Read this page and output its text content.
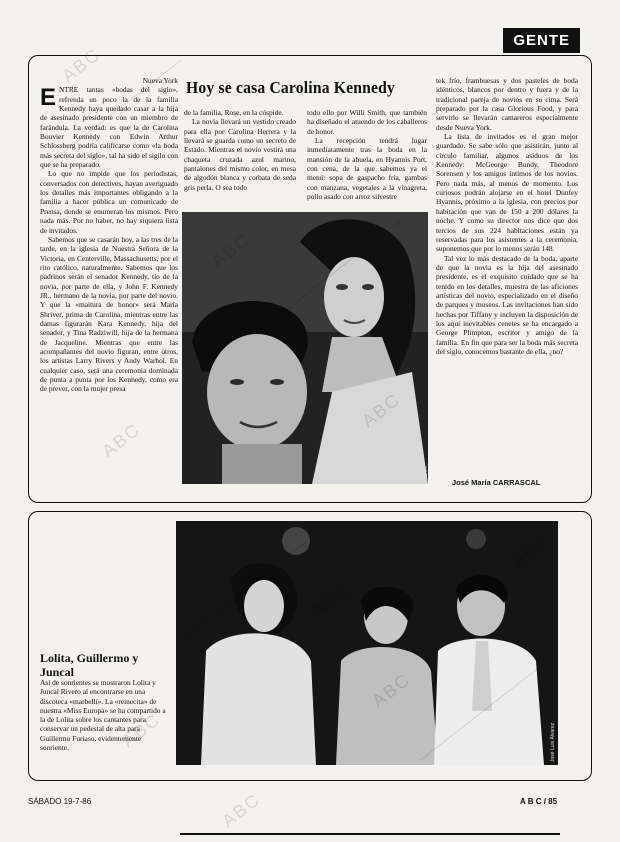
GENTE
Hoy se casa Carolina Kennedy

Nueva York

E NTRE tantas «bodas del siglo», refrenda un poco la de la familia Kennedy haya quedado casar a la hija de asesinado presidente con un miembro de farándula. La verdad: es que la de Carolina Bouvier Kennedy con Edwin Arthur Schlossberg podría calificarse como «la boda más secreta del siglo», tal ha sido el sigilo con que se ha preparado.

Lo que no impide que los periodistas, conversados con detectives, hayan averiguado los detalles más importantes obligando a la familia a hacer pública un comunicado de Prensa, donde se enumeran los mismos. Pero nada más. Por no haber, no hay siquiera lista de invitados.

Sabemos que se casarán hoy, a las tres de la tarde, en la iglesia de Nuestra Señora de la Victoria, en Centerville, Massachusetts, por el rito católico, naturalmente. Sabemos que los padrinos serán el senador Kennedy, tío de la novia, por parte de ella, y John F. Kennedy JR., hermano de la novia, por parte del novio. Y que la «maitura de honor» será María Shriver, prima de Carolina, mientras entre las damas figurarán Kara Kennedy, hija del senador, y Tina Radziwill, hija de la hermana de Jacqueline. Mientras que entre las acompañantes del novio figuran, entre otros, los artistas Larry Rivers y Andy Warhol. En cualquier caso, será una ceremonia dominada de punta a punta por los Kennedy, como era de prever, con la mujer presa

de la familia, Rose, en la cúspide.

La novia llevará un vestido creado para ella por Carolina Herrera y la llevará se guarda como un secreto de Estado. Mientras el novio vestirá una chaqueta cruzada azul marino, pantalones del mismo color, en mesa de algodón blanca y corbata de seda gris perla. O sea todo

todo ello por Willi Smith, que también ha diseñado el atuendo de los caballeros de honor.

La recepción tendrá lugar inmediatamente tras la boda en la mansión de la abuela, en Hyannis Port, con cena, de la que sabemos ya el menú: sopa de gaspacho fría, gambas con manzana, vegetales a la vinagreta, pollo asado con arroz silvestre

tek frío, frambuesas y dos pasteles de boda idénticos, blancos por dentro y fuera y de la tradicional pareja de novios en su cima. Será preparado por la casa Glorious Food, y para servirlo se llevarán camareros especialmente desde Nueva York.

La lista de invitados es el gran mejor guardado. Se sabe sólo que asistirán, junto al círculo familiar, algunos asiduos de los Kennedy: McGeorge Bundy, Theodore Sorensen y los amigos íntimos de los novios. Pero nada más, al menos de momento. Los curiosos podrán alojarse en el hotel Dunfey Hyannis, próximo a la iglesia, con precios por habitación que van de 150 a 200 dólares la noche. Y como su director nos dice que dos tercios de sus 224 habitaciones están ya reservadas para los asistentes a la ceremonia, suponemos que por lo menos serán 148.

Tal vez lo más destacado de la boda, aparte de que la novia es la hija del asesinado presidente, es el exquisito cuidado que se ha tenido en los detalles, muestra de las aficiones artísticas del novio, especializado en el diseño de parques y museos. Las invitaciones han sido hechas por Tiffany y incluyen la disposición de los aquí inevitables cenetes se ha encargado a George Plimpton, escritor y amigo de la familia. En fin que para ser la boda más secreta del siglo, conocemos bastante de ella, ¿no?

Sanfix
José María CARRASCAL
José Luis Álvarez
Lolita, Guillermo y Juncal
Así de sonrientes se mostraron Lolita y Juncal Rivero al encontrarse en una discoteca «marbellí». La «reinecita» de nuestra «Miss Europa» se ha compartido a la de Lolita sobre los cantantes para conservar un pedestal de alta para Guillermo Furiaso, evidentemente sonriente.
SÁBADO 19-7-86	A B C / 85
ABC
ABC
ABC
ABC
